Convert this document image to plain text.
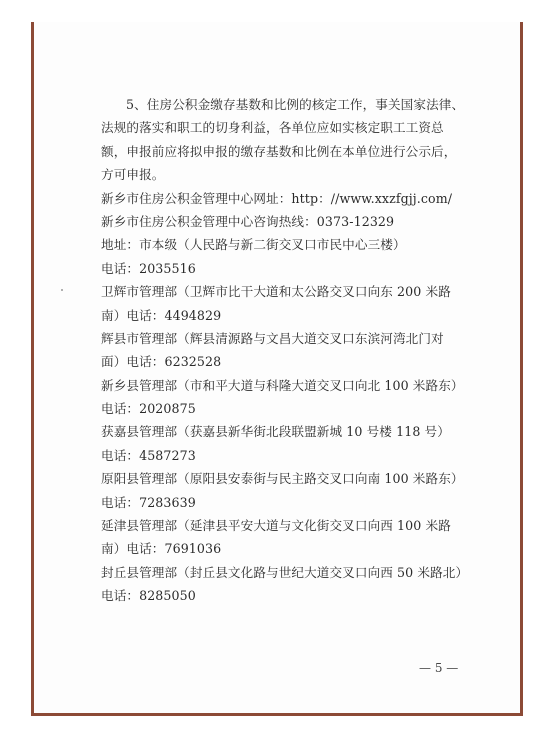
5、住房公积金缴存基数和比例的核定工作，事关国家法律、
法规的落实和职工的切身利益，各单位应如实核定职工工资总
额，申报前应将拟申报的缴存基数和比例在本单位进行公示后，
方可申报。
新乡市住房公积金管理中心网址：http：//www.xxzfgjj.com/
新乡市住房公积金管理中心咨询热线：0373-12329
地址：市本级（人民路与新二街交叉口市民中心三楼）
电话：2035516
卫辉市管理部（卫辉市比干大道和太公路交叉口向东 200 米路
南）电话：4494829
辉县市管理部（辉县清源路与文昌大道交叉口东滨河湾北门对
面）电话：6232528
新乡县管理部（市和平大道与科隆大道交叉口向北 100 米路东）
电话：2020875
获嘉县管理部（获嘉县新华街北段联盟新城 10 号楼 118 号）
电话：4587273
原阳县管理部（原阳县安泰街与民主路交叉口向南 100 米路东）
电话：7283639
延津县管理部（延津县平安大道与文化街交叉口向西 100 米路
南）电话：7691036
封丘县管理部（封丘县文化路与世纪大道交叉口向西 50 米路北）
电话：8285050
— 5 —
